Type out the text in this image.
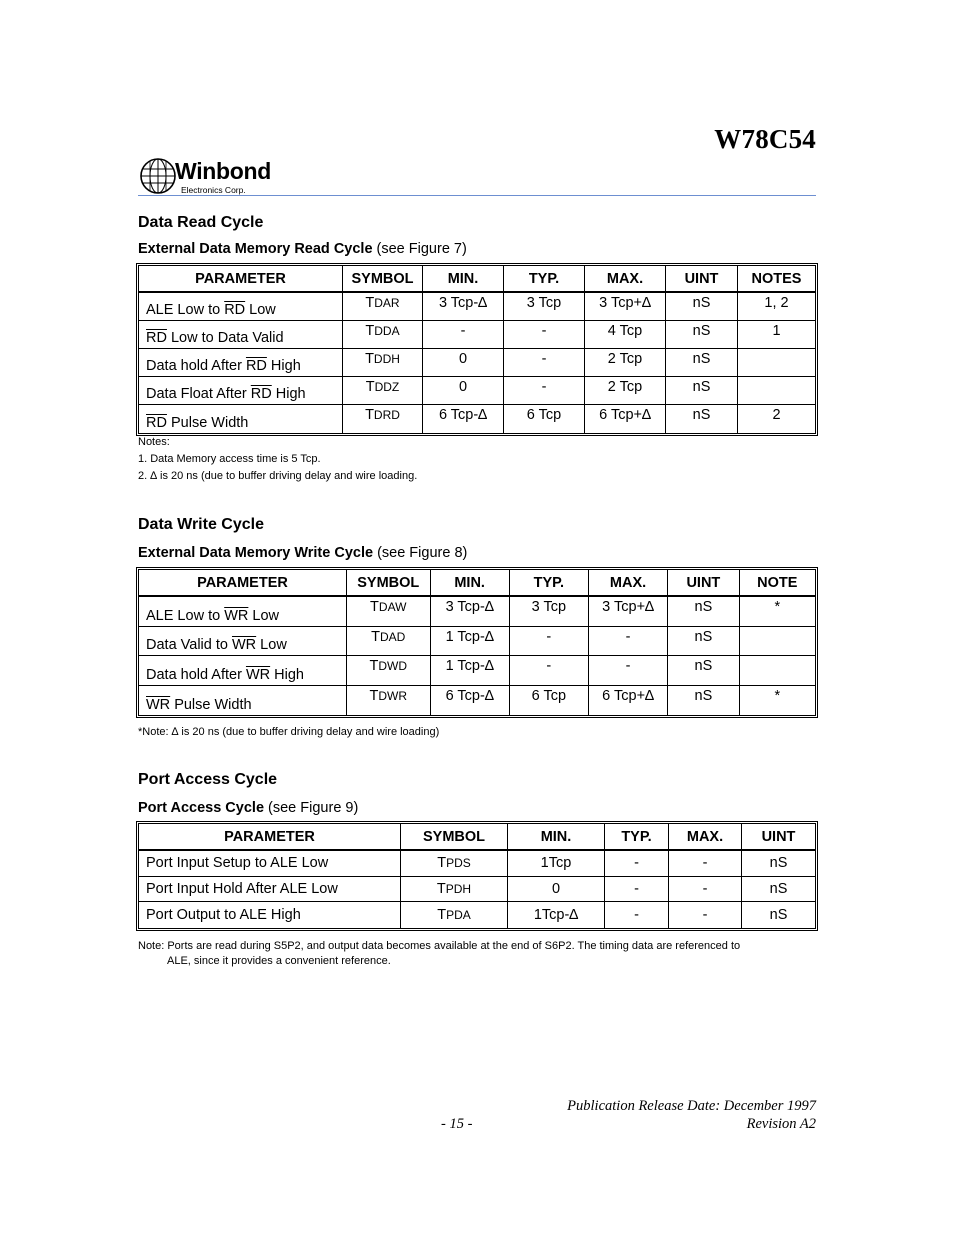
W78C54
Winbond
Electronics Corp.
Data Read Cycle

External Data Memory Read Cycle (see Figure 7)

PARAMETER	SYMBOL	MIN.	TYP.	MAX.	UINT	NOTES
ALE Low to $\overline{RD}$ Low	TDAR	3 Tcp-∆	3 Tcp	3 Tcp+∆	nS	1, 2
$\overline{RD}$ Low to Data Valid	TDDA	-	-	4 Tcp	nS	1
Data hold After $\overline{RD}$ High	TDDH	0	-	2 Tcp	nS	
Data Float After $\overline{RD}$ High	TDDZ	0	-	2 Tcp	nS	
$\overline{RD}$ Pulse Width	TDRD	6 Tcp-∆	6 Tcp	6 Tcp+∆	nS	2
Notes:
1. Data Memory access time is 5 Tcp.
2. ∆ is 20 ns (due to buffer driving delay and wire loading.
Data Write Cycle

External Data Memory Write Cycle (see Figure 8)

PARAMETER	SYMBOL	MIN.	TYP.	MAX.	UINT	NOTE
ALE Low to $\overline{WR}$ Low	TDAW	3 Tcp-∆	3 Tcp	3 Tcp+∆	nS	*
Data Valid to $\overline{WR}$ Low	TDAD	1 Tcp-∆	-	-	nS	
Data hold After $\overline{WR}$ High	TDWD	1 Tcp-∆	-	-	nS	
$\overline{WR}$ Pulse Width	TDWR	6 Tcp-∆	6 Tcp	6 Tcp+∆	nS	*
*Note: ∆ is 20 ns (due to buffer driving delay and wire loading)
Port Access Cycle

Port Access Cycle (see Figure 9)

PARAMETER	SYMBOL	MIN.	TYP.	MAX.	UINT
Port Input Setup to ALE Low	TPDS	1Tcp	-	-	nS
Port Input Hold After ALE Low	TPDH	0	-	-	nS
Port Output to ALE High	TPDA	1Tcp-∆	-	-	nS
Note: Ports are read during S5P2, and output data becomes available at the end of S6P2. The timing data are referenced to
ALE, since it provides a convenient reference.

Publication Release Date: December 1997

- 15 -	Revision A2
